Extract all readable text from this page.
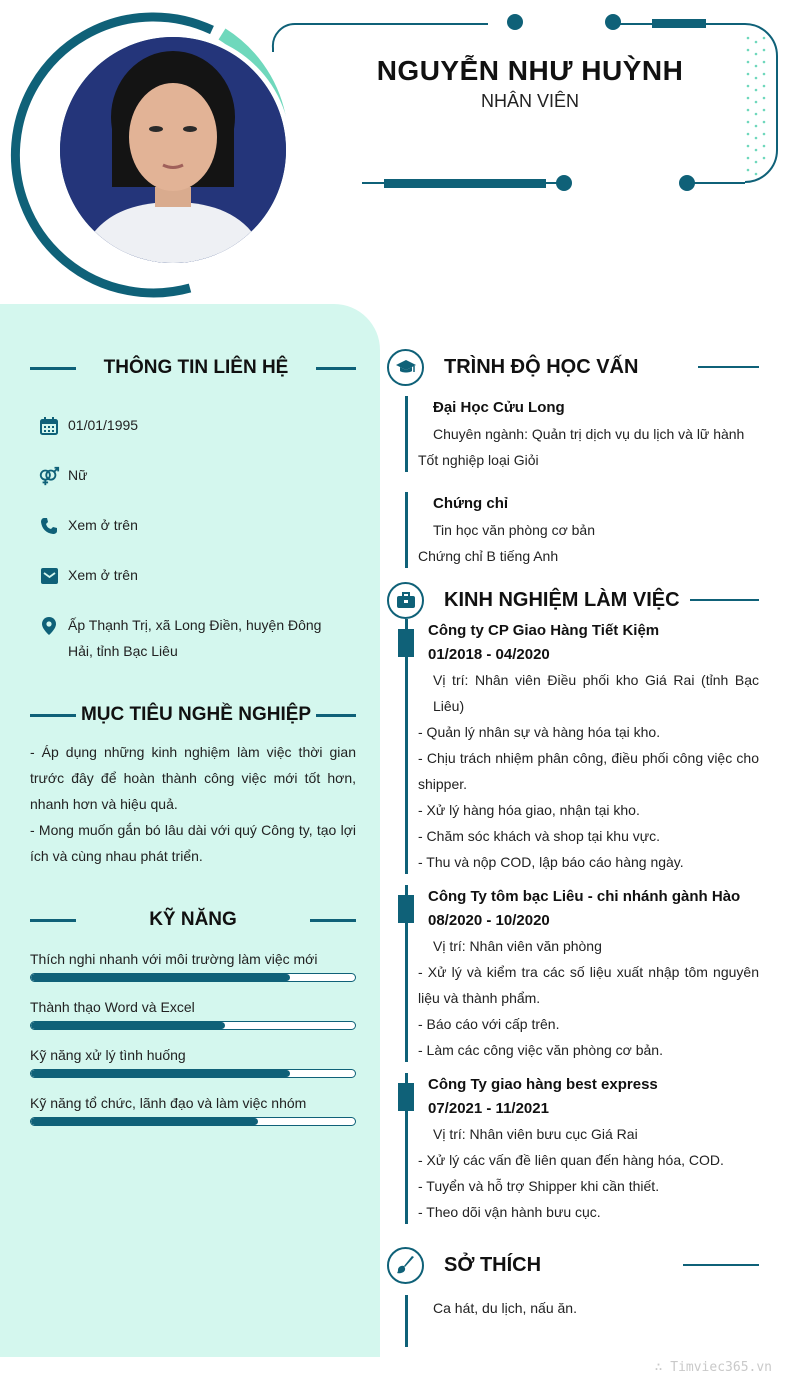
NGUYỄN NHƯ HUỲNH
NHÂN VIÊN
THÔNG TIN LIÊN HỆ
01/01/1995
Nữ
Xem ở trên
Xem ở trên
Ấp Thạnh Trị, xã Long Điền, huyện Đông
Hải, tỉnh Bạc Liêu
MỤC TIÊU NGHỀ NGHIỆP
- Áp dụng những kinh nghiệm làm việc thời gian
trước đây để hoàn thành công việc mới tốt hơn,
nhanh hơn và hiệu quả.
- Mong muốn gắn bó lâu dài với quý Công ty, tạo lợi
ích và cùng nhau phát triển.
KỸ NĂNG
Thích nghi nhanh với môi trường làm việc mới
Thành thạo Word và Excel
Kỹ năng xử lý tình huống
Kỹ năng tổ chức, lãnh đạo và làm việc nhóm
TRÌNH ĐỘ HỌC VẤN
Đại Học Cửu Long
Chuyên ngành: Quản trị dịch vụ du lịch và lữ hành
Tốt nghiệp loại Giỏi
Chứng chỉ
Tin học văn phòng cơ bản
Chứng chỉ B tiếng Anh
KINH NGHIỆM LÀM VIỆC
Công ty CP Giao Hàng Tiết Kiệm
01/2018 - 04/2020
Vị trí: Nhân viên Điều phối kho Giá Rai (tỉnh Bạc
Liêu)
- Quản lý nhân sự và hàng hóa tại kho.
- Chịu trách nhiệm phân công, điều phối công việc cho
shipper.
- Xử lý hàng hóa giao, nhận tại kho.
- Chăm sóc khách và shop tại khu vực.
- Thu và nộp COD, lập báo cáo hàng ngày.
Công Ty tôm bạc Liêu - chi nhánh gành Hào
08/2020 - 10/2020
Vị trí: Nhân viên văn phòng
- Xử lý và kiểm tra các số liệu xuất nhập tôm nguyên
liệu và thành phẩm.
- Báo cáo với cấp trên.
- Làm các công việc văn phòng cơ bản.
Công Ty giao hàng best express
07/2021 - 11/2021
Vị trí: Nhân viên bưu cục Giá Rai
- Xử lý các vấn đề liên quan đến hàng hóa, COD.
- Tuyển và hỗ trợ Shipper khi cần thiết.
- Theo dõi vận hành bưu cục.
SỞ THÍCH
Ca hát, du lịch, nấu ăn.
∴ Timviec365.vn
